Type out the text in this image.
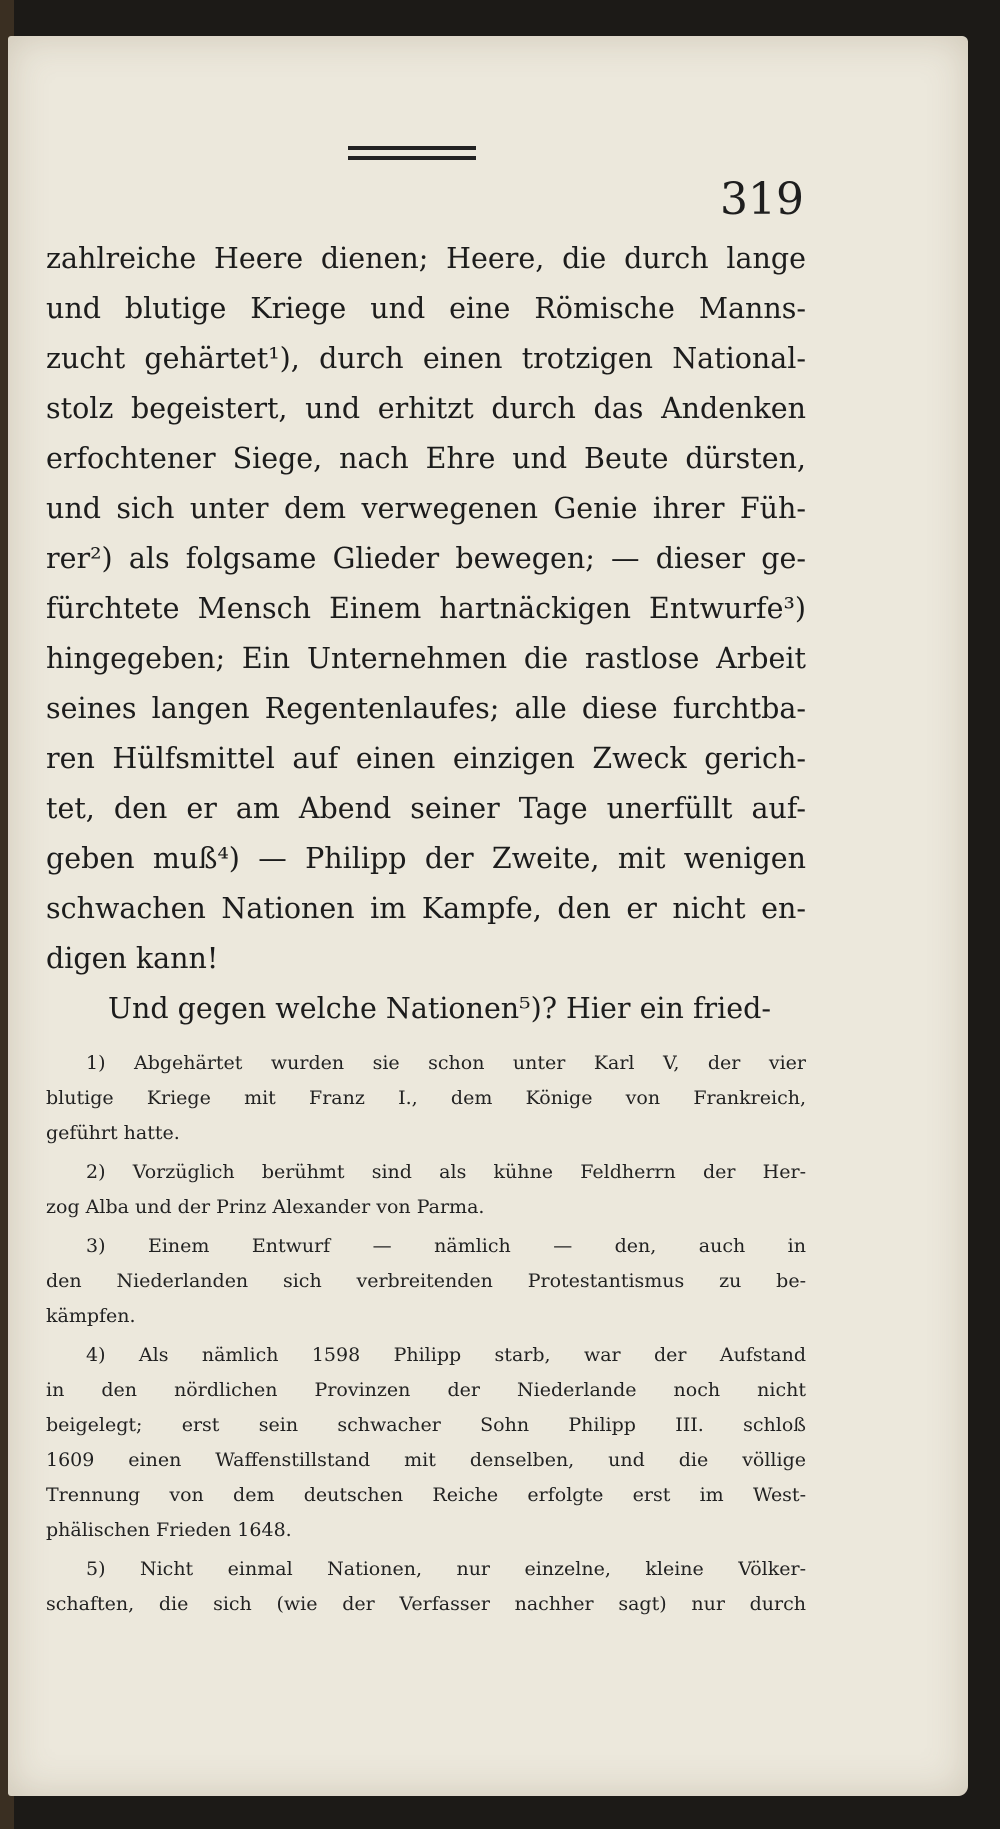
319
zahlreiche Heere dienen; Heere, die durch lange
und blutige Kriege und eine Römische Manns-
zucht gehärtet¹), durch einen trotzigen National-
stolz begeistert, und erhitzt durch das Andenken
erfochtener Siege, nach Ehre und Beute dürsten,
und sich unter dem verwegenen Genie ihrer Füh-
rer²) als folgsame Glieder bewegen; — dieser ge-
fürchtete Mensch Einem hartnäckigen Entwurfe³)
hingegeben; Ein Unternehmen die rastlose Arbeit
seines langen Regentenlaufes; alle diese furchtba-
ren Hülfsmittel auf einen einzigen Zweck gerich-
tet, den er am Abend seiner Tage unerfüllt auf-
geben muß⁴) — Philipp der Zweite, mit wenigen
schwachen Nationen im Kampfe, den er nicht en-
digen kann!
Und gegen welche Nationen⁵)? Hier ein fried-
1) Abgehärtet wurden sie schon unter Karl V, der vier
blutige Kriege mit Franz I., dem Könige von Frankreich,
geführt hatte.
2) Vorzüglich berühmt sind als kühne Feldherrn der Her-
zog Alba und der Prinz Alexander von Parma.
3) Einem Entwurf — nämlich — den, auch in
den Niederlanden sich verbreitenden Protestantismus zu be-
kämpfen.
4) Als nämlich 1598 Philipp starb, war der Aufstand
in den nördlichen Provinzen der Niederlande noch nicht
beigelegt; erst sein schwacher Sohn Philipp III. schloß
1609 einen Waffenstillstand mit denselben, und die völlige
Trennung von dem deutschen Reiche erfolgte erst im West-
phälischen Frieden 1648.
5) Nicht einmal Nationen, nur einzelne, kleine Völker-
schaften, die sich (wie der Verfasser nachher sagt) nur durch
